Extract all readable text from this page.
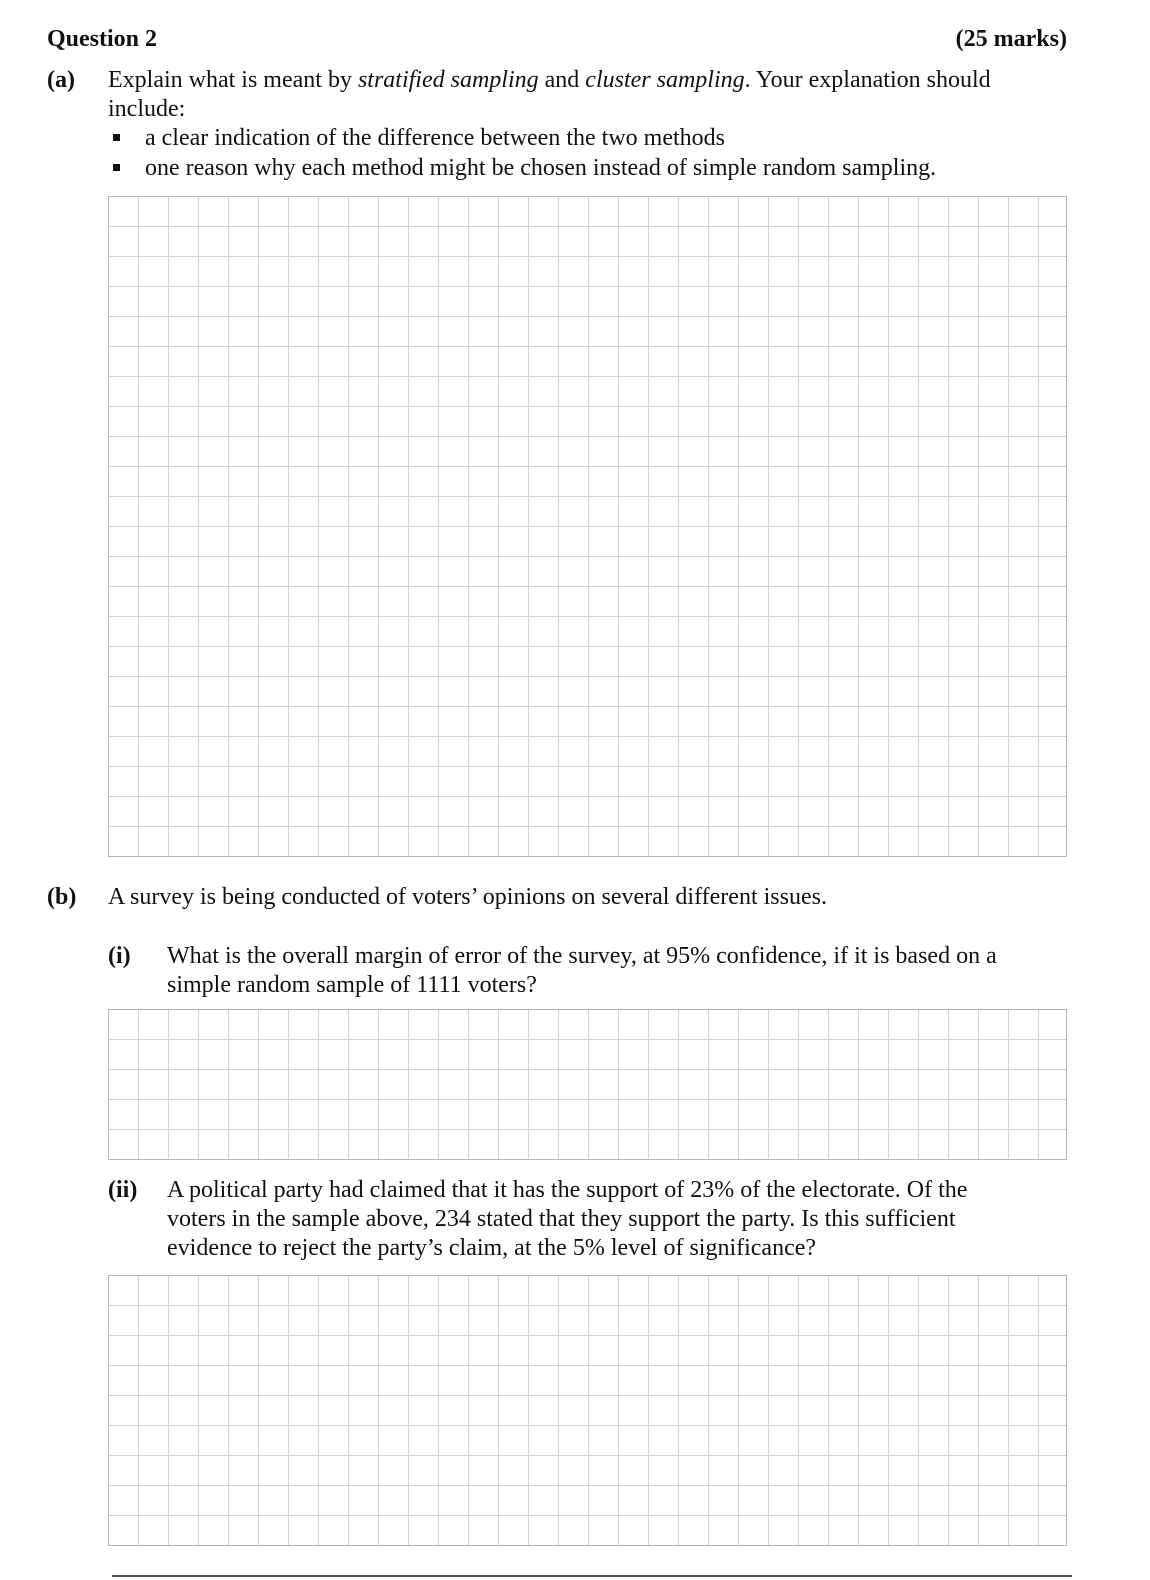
Question 2	(25 marks)
(a) Explain what is meant by stratified sampling and cluster sampling. Your explanation should
include:
a clear indication of the difference between the two methods
one reason why each method might be chosen instead of simple random sampling.
(b) A survey is being conducted of voters’ opinions on several different issues.
(i) What is the overall margin of error of the survey, at 95% confidence, if it is based on a
simple random sample of 1111 voters?
(ii) A political party had claimed that it has the support of 23% of the electorate. Of the
voters in the sample above, 234 stated that they support the party. Is this sufficient
evidence to reject the party’s claim, at the 5% level of significance?
